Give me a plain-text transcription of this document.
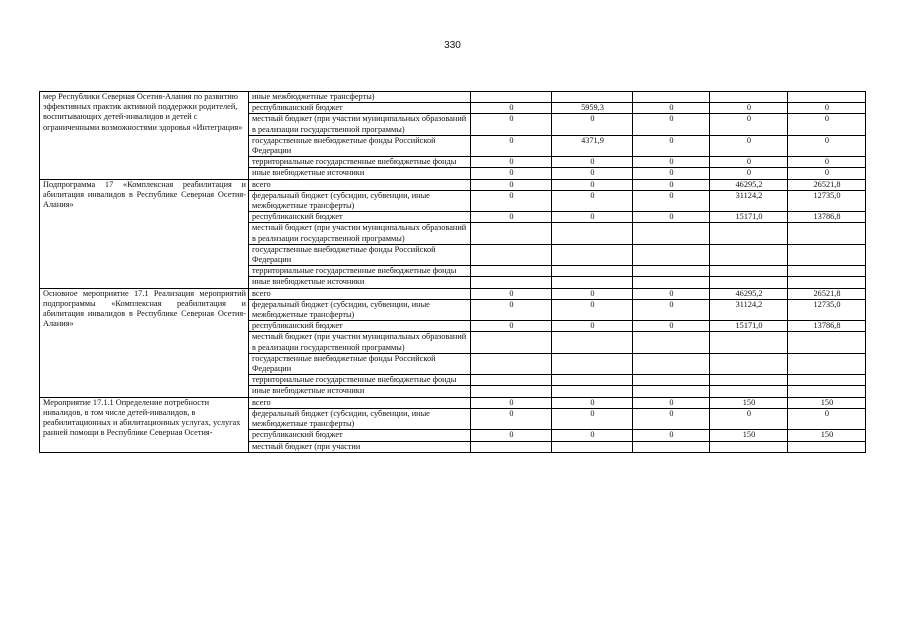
330
мер Республики Северная Осетия-Алания по развитию эффективных практик активной поддержки родителей, воспитывающих детей-инвалидов и детей с ограниченными возможностями здоровья «Интеграция»	иные межбюджетные трансферты)					
	республиканский бюджет	0	5959,3	0	0	0
	местный бюджет (при участии муниципальных образований в реализации государственной программы)	0	0	0	0	0
	государственные внебюджетные фонды Российской Федерации	0	4371,9	0	0	0
	территориальные государственные внебюджетные фонды	0	0	0	0	0
	иные внебюджетные источники	0	0	0	0	0
Подпрограмма 17 «Комплексная реабилитация и абилитация инвалидов в Республике Северная Осетия-Алания»	всего	0	0	0	46295,2	26521,8
	федеральный бюджет (субсидии, субвенции, иные межбюджетные трансферты)	0	0	0	31124,2	12735,0
	республиканский бюджет	0	0	0	15171,0	13786,8
	местный бюджет (при участии муниципальных образований в реализации государственной программы)					
	государственные внебюджетные фонды Российской Федерации					
	территориальные государственные внебюджетные фонды					
	иные внебюджетные источники					
Основное мероприятие 17.1 Реализация мероприятий подпрограммы «Комплексная реабилитация и абилитация инвалидов в Республике Северная Осетия-Алания»	всего	0	0	0	46295,2	26521,8
	федеральный бюджет (субсидии, субвенции, иные межбюджетные трансферты)	0	0	0	31124,2	12735,0
	республиканский бюджет	0	0	0	15171,0	13786,8
	местный бюджет (при участии муниципальных образований в реализации государственной программы)					
	государственные внебюджетные фонды Российской Федерации					
	территориальные государственные внебюджетные фонды					
	иные внебюджетные источники					
Мероприятие 17.1.1 Определение потребности инвалидов, в том числе детей-инвалидов, в реабилитационных и абилитационных услугах, услугах ранней помощи в Республике Северная Осетия-	всего	0	0	0	150	150
	федеральный бюджет (субсидии, субвенции, иные межбюджетные трансферты)	0	0	0	0	0
	республиканский бюджет	0	0	0	150	150
	местный бюджет (при участии					
